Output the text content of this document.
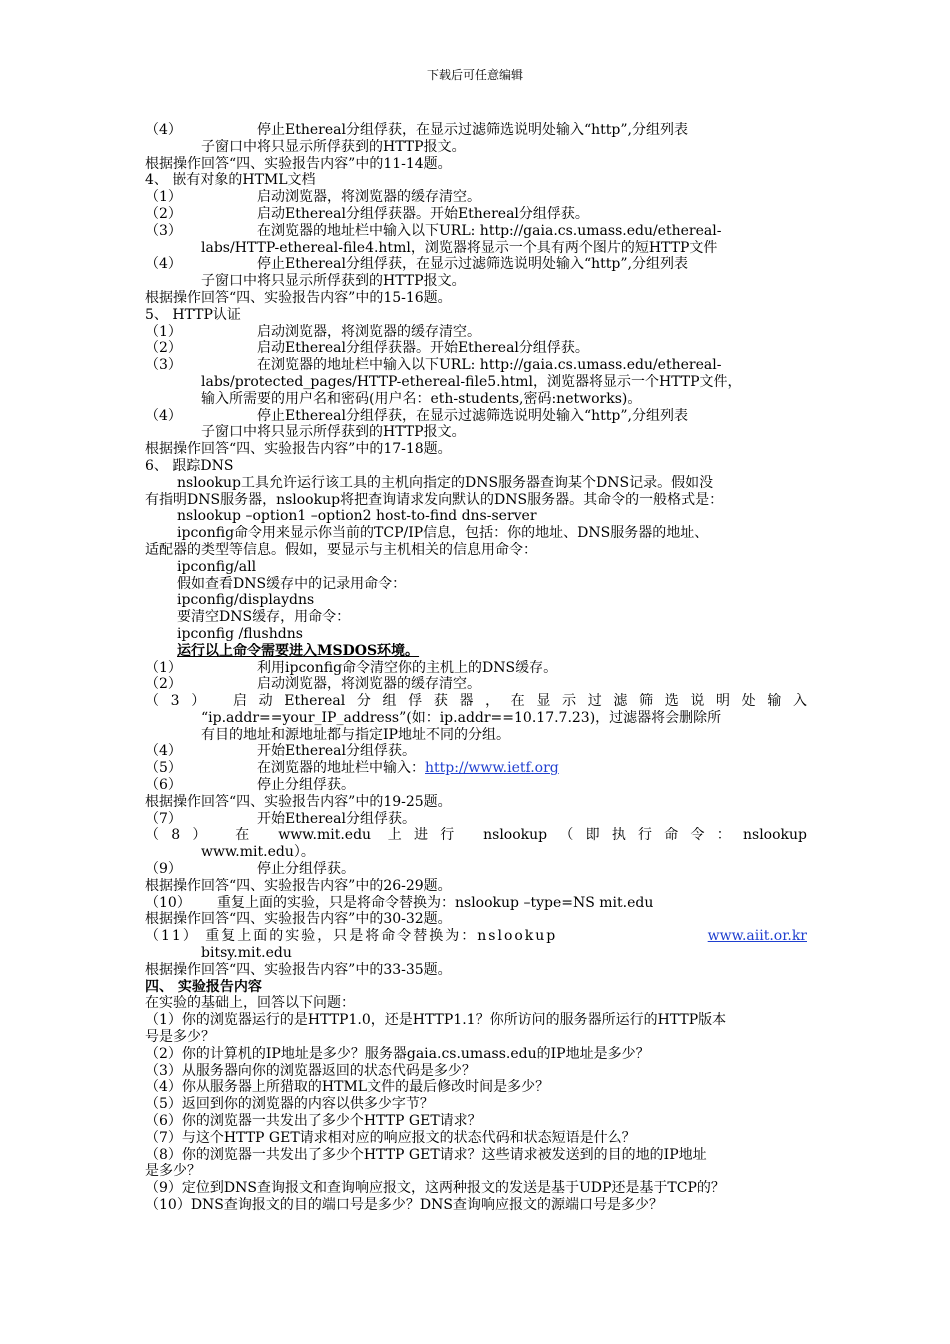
下载后可任意编辑
（4）	停止Ethereal分组俘获，在显示过滤筛选说明处输入“http”,分组列表
子窗口中将只显示所俘获到的HTTP报文。
根据操作回答“四、实验报告内容”中的11-14题。
4、 嵌有对象的HTML文档
（1）	启动浏览器，将浏览器的缓存清空。
（2）	启动Ethereal分组俘获器。开始Ethereal分组俘获。
（3）	在浏览器的地址栏中输入以下URL: http://gaia.cs.umass.edu/ethereal-
labs/HTTP-ethereal-file4.html，浏览器将显示一个具有两个图片的短HTTP文件
（4）	停止Ethereal分组俘获，在显示过滤筛选说明处输入“http”,分组列表
子窗口中将只显示所俘获到的HTTP报文。
根据操作回答“四、实验报告内容”中的15-16题。
5、 HTTP认证
（1）	启动浏览器，将浏览器的缓存清空。
（2）	启动Ethereal分组俘获器。开始Ethereal分组俘获。
（3）	在浏览器的地址栏中输入以下URL: http://gaia.cs.umass.edu/ethereal-
labs/protected_pages/HTTP-ethereal-file5.html，浏览器将显示一个HTTP文件，
输入所需要的用户名和密码(用户名：eth-students,密码:networks)。
（4）	停止Ethereal分组俘获，在显示过滤筛选说明处输入“http”,分组列表
子窗口中将只显示所俘获到的HTTP报文。
根据操作回答“四、实验报告内容”中的17-18题。
6、 跟踪DNS
nslookup工具允许运行该工具的主机向指定的DNS服务器查询某个DNS记录。假如没
有指明DNS服务器，nslookup将把查询请求发向默认的DNS服务器。其命令的一般格式是：
nslookup –option1 –option2 host-to-find dns-server
ipconfig命令用来显示你当前的TCP/IP信息，包括：你的地址、DNS服务器的地址、
适配器的类型等信息。假如，要显示与主机相关的信息用命令：
ipconfig/all
假如查看DNS缓存中的记录用命令：
ipconfig/displaydns
要清空DNS缓存，用命令：
ipconfig /flushdns
运行以上命令需要进入MSDOS环境。
（1）	利用ipconfig命令清空你的主机上的DNS缓存。
（2）	启动浏览器，将浏览器的缓存清空。
（3） 启动Ethereal分组俘获器，在显示过滤筛选说明处输入
“ip.addr==your_IP_address”(如：ip.addr==10.17.7.23)，过滤器将会删除所
有目的地址和源地址都与指定IP地址不同的分组。
（4）	开始Ethereal分组俘获。
（5）	在浏览器的地址栏中输入：http://www.ietf.org
（6）	停止分组俘获。
根据操作回答“四、实验报告内容”中的19-25题。
（7）	开始Ethereal分组俘获。
（8） 在 www.mit.edu 上进行 nslookup（即执行命令：nslookup
www.mit.edu）。
（9）	停止分组俘获。
根据操作回答“四、实验报告内容”中的26-29题。
（10） 重复上面的实验，只是将命令替换为：nslookup –type=NS mit.edu
根据操作回答“四、实验报告内容”中的30-32题。
（11） 重复上面的实验，只是将命令替换为：nslookup	www.aiit.or.kr
bitsy.mit.edu
根据操作回答“四、实验报告内容”中的33-35题。
四、 实验报告内容
在实验的基础上，回答以下问题：
（1）你的浏览器运行的是HTTP1.0，还是HTTP1.1？你所访问的服务器所运行的HTTP版本
号是多少？
（2）你的计算机的IP地址是多少？服务器gaia.cs.umass.edu的IP地址是多少？
（3）从服务器向你的浏览器返回的状态代码是多少？
（4）你从服务器上所猎取的HTML文件的最后修改时间是多少？
（5）返回到你的浏览器的内容以供多少字节？
（6）你的浏览器一共发出了多少个HTTP GET请求？
（7）与这个HTTP GET请求相对应的响应报文的状态代码和状态短语是什么？
（8）你的浏览器一共发出了多少个HTTP GET请求？这些请求被发送到的目的地的IP地址
是多少？
（9）定位到DNS查询报文和查询响应报文，这两种报文的发送是基于UDP还是基于TCP的？
（10）DNS查询报文的目的端口号是多少？DNS查询响应报文的源端口号是多少？
